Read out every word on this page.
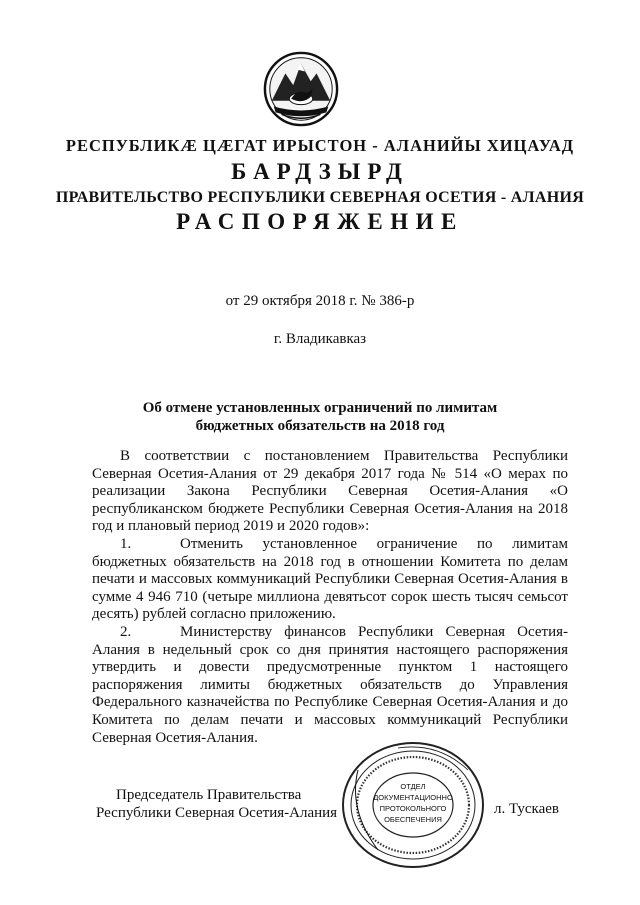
РЕСПУБЛИКӔ ЦӔГАТ ИРЫСТОН - АЛАНИЙЫ ХИЦАУАД
БАРДЗЫРД
ПРАВИТЕЛЬСТВО РЕСПУБЛИКИ СЕВЕРНАЯ ОСЕТИЯ - АЛАНИЯ
РАСПОРЯЖЕНИЕ
от 29 октября 2018 г. № 386-р
г. Владикавказ
Об отмене установленных ограничений по лимитам
бюджетных обязательств на 2018 год

В соответствии с постановлением Правительства Республики Северная Осетия-Алания от 29 декабря 2017 года № 514 «О мерах по реализации Закона Республики Северная Осетия-Алания «О республиканском бюджете Республики Северная Осетия-Алания на 2018 год и плановый период 2019 и 2020 годов»:

1.	Отменить установленное ограничение по лимитам бюджетных обязательств на 2018 год в отношении Комитета по делам печати и массовых коммуникаций Республики Северная Осетия-Алания в сумме 4 946 710 (четыре миллиона девятьсот сорок шесть тысяч семьсот десять) рублей согласно приложению.

2.	Министерству финансов Республики Северная Осетия-Алания в недельный срок со дня принятия настоящего распоряжения утвердить и довести предусмотренные пунктом 1 настоящего распоряжения лимиты бюджетных обязательств до Управления Федерального казначейства по Республике Северная Осетия-Алания и до Комитета по делам печати и массовых коммуникаций Республики Северная Осетия-Алания.

Председатель Правительства
Республики Северная Осетия-Алания
ОТДЕЛ
ДОКУМЕНТАЦИОННО
ПРОТОКОЛЬНОГО
ОБЕСПЕЧЕНИЯ
л. Тускаев
